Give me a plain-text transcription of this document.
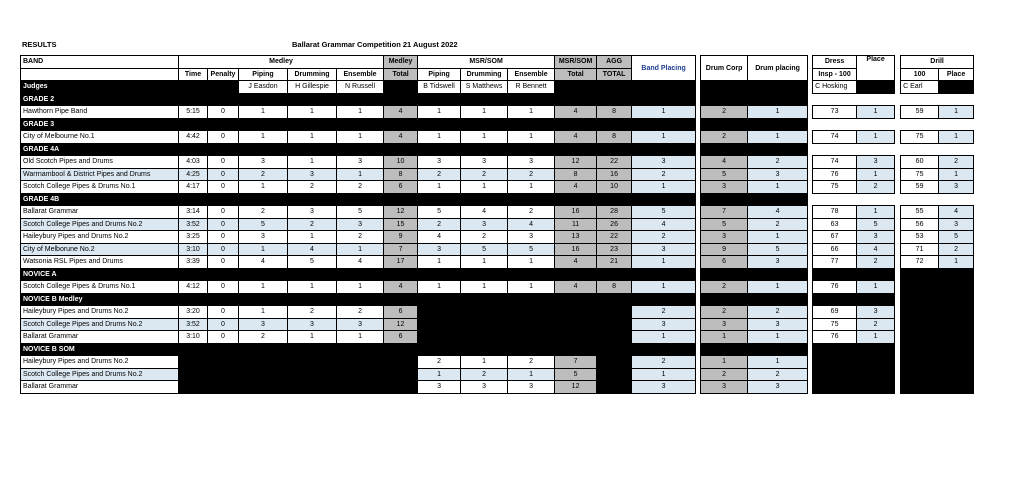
RESULTS	Ballarat Grammar Competition 21 August 2022
BAND	Medley					Medley	MSR/SOM			MSR/SOM	AGG	Band Placing		Drum Corp	Drum placing		Dress	Place		Drill	
	Time	Penalty	Piping	Drumming	Ensemble	Total	Piping	Drumming	Ensemble	Total	TOTAL						Insp - 100			100	Place
Judges			J Easdon	H Gillespie	N Russell		B Tidswell	S Matthews	R Bennett								C Hosking			C Earl	
GRADE 2																					
Hawthorn Pipe Band	5:15	0	1	1	1	4	1	1	1	4	8	1		2	1		73	1		59	1
GRADE 3																					
City of Melbourne No.1	4:42	0	1	1	1	4	1	1	1	4	8	1		2	1		74	1		75	1
GRADE 4A																					
Old Scotch Pipes and Drums	4:03	0	3	1	3	10	3	3	3	12	22	3		4	2		74	3		60	2
Warrnambool & District Pipes and Drums	4:25	0	2	3	1	8	2	2	2	8	16	2		5	3		76	1		75	1
Scotch College Pipes & Drums No.1	4:17	0	1	2	2	6	1	1	1	4	10	1		3	1		75	2		59	3
GRADE 4B																					
Ballarat Grammar	3:14	0	2	3	5	12	5	4	2	16	28	5		7	4		78	1		55	4
Scotch College Pipes and Drums No.2	3:52	0	5	2	3	15	2	3	4	11	26	4		5	2		63	5		56	3
Haileybury Pipes and Drums No.2	3:25	0	3	1	2	9	4	2	3	13	22	2		3	1		67	3		53	5
City of Melborune No.2	3:10	0	1	4	1	7	3	5	5	16	23	3		9	5		66	4		71	2
Watsonia RSL Pipes and Drums	3:39	0	4	5	4	17	1	1	1	4	21	1		6	3		77	2		72	1
NOVICE A																					
Scotch College Pipes & Drums No.1	4:12	0	1	1	1	4	1	1	1	4	8	1		2	1		76	1			
NOVICE B Medley																					
Haileybury Pipes and Drums No.2	3:20	0	1	2	2	6						2		2	2		69	3			
Scotch College Pipes and Drums No.2	3:52	0	3	3	3	12						3		3	3		75	2			
Ballarat Grammar	3:10	0	2	1	1	6						1		1	1		76	1			
NOVICE B SOM																					
Haileybury Pipes and Drums No.2							2	1	2	7		2		1	1						
Scotch College Pipes and Drums No.2							1	2	1	5		1		2	2						
Ballarat Grammar							3	3	3	12		3		3	3						
